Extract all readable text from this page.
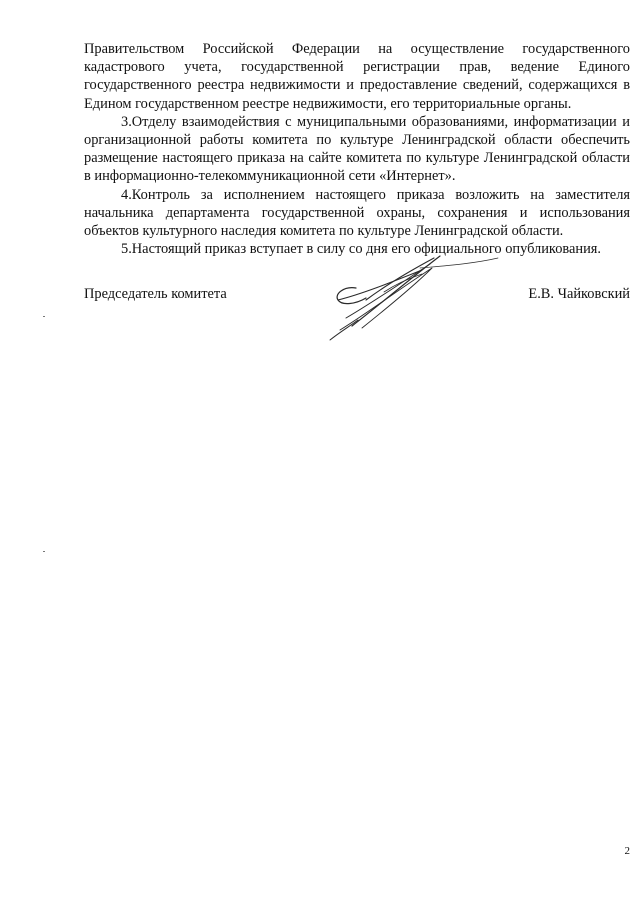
Правительством Российской Федерации на осуществление государственного кадастрового учета, государственной регистрации прав, ведение Единого государственного реестра недвижимости и предоставление сведений, содержащихся в Едином государственном реестре недвижимости, его территориальные органы.

3.Отделу взаимодействия с муниципальными образованиями, информатизации и организационной работы комитета по культуре Ленинградской области обеспечить размещение настоящего приказа на сайте комитета по культуре Ленинградской области в информационно-телекоммуникационной сети «Интернет».

4.Контроль за исполнением настоящего приказа возложить на заместителя начальника департамента государственной охраны, сохранения и использования объектов культурного наследия комитета по культуре Ленинградской области.

5.Настоящий приказ вступает в силу со дня его официального опубликования.

Председатель комитета	Е.В. Чайковский
2
